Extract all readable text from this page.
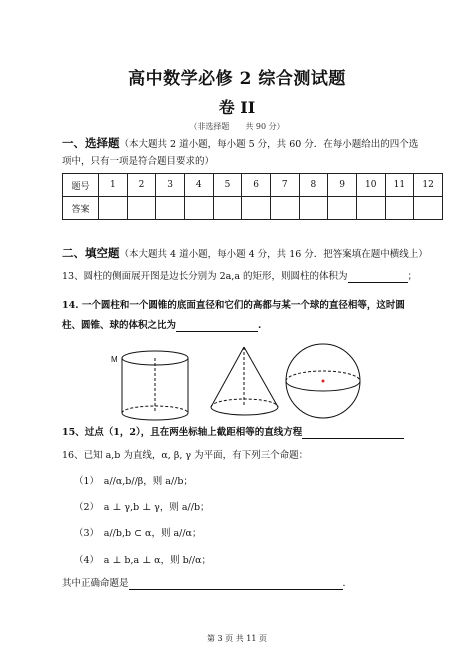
高中数学必修 2 综合测试题
卷 II
（非选择题　　共 90 分）
一、选择题（本大题共 2 道小题，每小题 5 分，共 60 分．在每小题给出的四个选
项中，只有一项是符合题目要求的）
题号	1	2	3	4	5	6	7	8	9	10	11	12
答案												
二、填空题（本大题共 4 道小题，每小题 4 分，共 16 分．把答案填在题中横线上）
13、圆柱的侧面展开图是边长分别为 2a,a 的矩形，则圆柱的体积为	；
14. 一个圆柱和一个圆锥的底面直径和它们的高都与某一个球的直径相等，这时圆
柱、圆锥、球的体积之比为	.
M
15、过点（1，2），且在两坐标轴上截距相等的直线方程
16、已知 a,b 为直线，α, β, γ 为平面，有下列三个命题：
（1）　a//α,b//β，则 a//b；
（2）　a ⊥ γ,b ⊥ γ，则 a//b；
（3）　a//b,b ⊂ α，则 a//α；
（4）　a ⊥ b,a ⊥ α，则 b//α；
其中正确命题是	．
第 3 页 共 11 页
